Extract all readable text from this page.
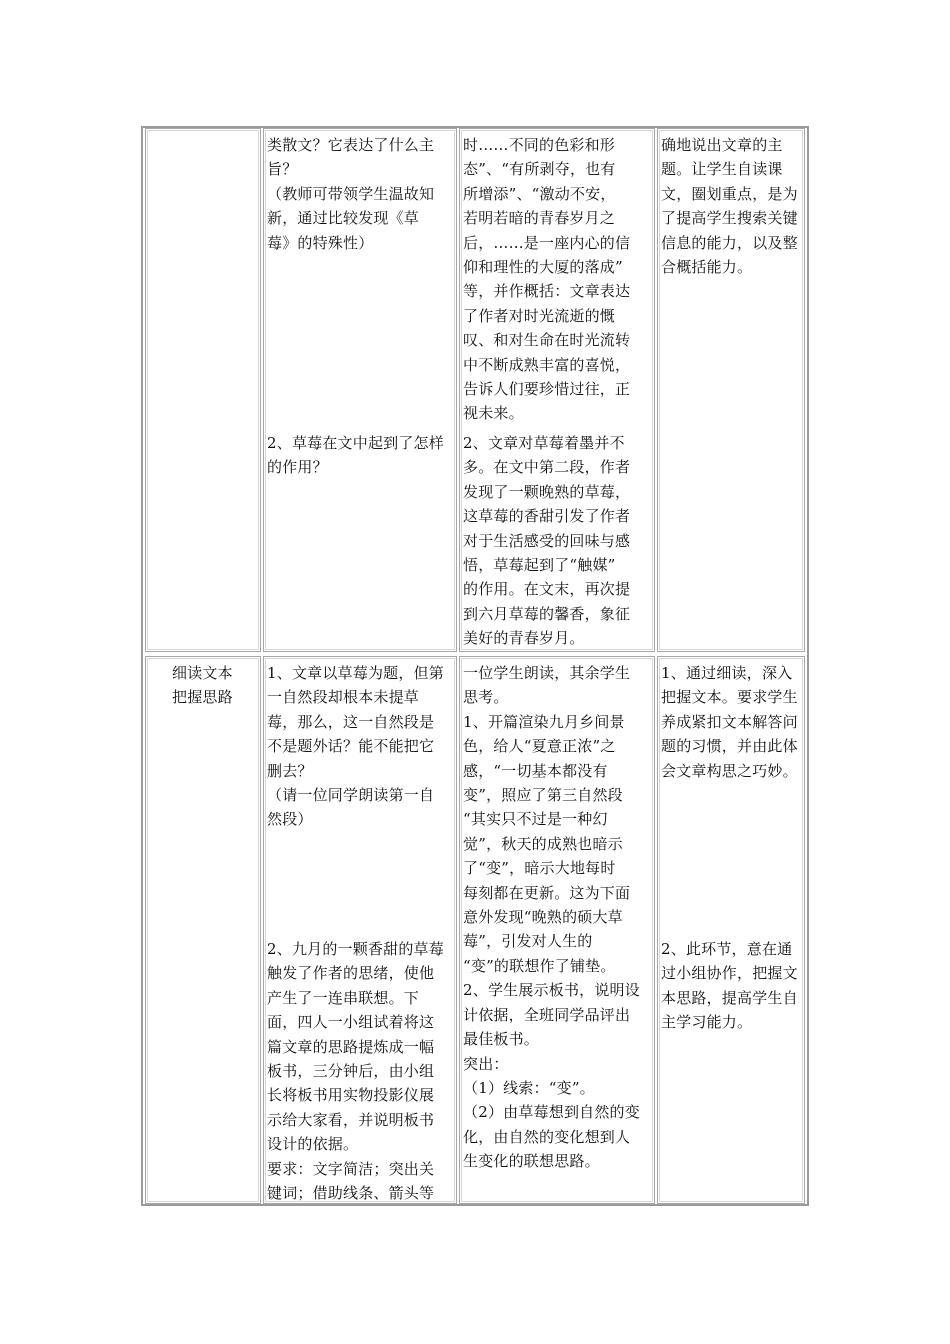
类散文？它表达了什么主
旨？
（教师可带领学生温故知
新，通过比较发现《草
莓》的特殊性）

2、草莓在文中起到了怎样
的作用？

时……不同的色彩和形
态”、“有所剥夺，也有
所增添”、“激动不安，
若明若暗的青春岁月之
后，……是一座内心的信
仰和理性的大厦的落成”
等，并作概括：文章表达
了作者对时光流逝的慨
叹、和对生命在时光流转
中不断成熟丰富的喜悦，
告诉人们要珍惜过往，正
视未来。

2、文章对草莓着墨并不
多。在文中第二段，作者
发现了一颗晚熟的草莓，
这草莓的香甜引发了作者
对于生活感受的回味与感
悟，草莓起到了“触媒”
的作用。在文末，再次提
到六月草莓的馨香，象征
美好的青春岁月。

确地说出文章的主
题。让学生自读课
文，圈划重点，是为
了提高学生搜索关键
信息的能力，以及整
合概括能力。

细读文本
把握思路

1、文章以草莓为题，但第
一自然段却根本未提草
莓，那么，这一自然段是
不是题外话？能不能把它
删去？
（请一位同学朗读第一自
然段）

2、九月的一颗香甜的草莓
触发了作者的思绪，使他
产生了一连串联想。下
面，四人一小组试着将这
篇文章的思路提炼成一幅
板书，三分钟后，由小组
长将板书用实物投影仪展
示给大家看，并说明板书
设计的依据。
要求：文字简洁；突出关
键词；借助线条、箭头等

一位学生朗读，其余学生
思考。
1、开篇渲染九月乡间景
色，给人“夏意正浓”之
感，“一切基本都没有
变”，照应了第三自然段
“其实只不过是一种幻
觉”，秋天的成熟也暗示
了“变”，暗示大地每时
每刻都在更新。这为下面
意外发现“晚熟的硕大草
莓”，引发对人生的
“变”的联想作了铺垫。
2、学生展示板书，说明设
计依据，全班同学品评出
最佳板书。
突出：
（1）线索：“变”。
（2）由草莓想到自然的变
化，由自然的变化想到人
生变化的联想思路。

1、通过细读，深入
把握文本。要求学生
养成紧扣文本解答问
题的习惯，并由此体
会文章构思之巧妙。

2、此环节，意在通
过小组协作，把握文
本思路，提高学生自
主学习能力。
